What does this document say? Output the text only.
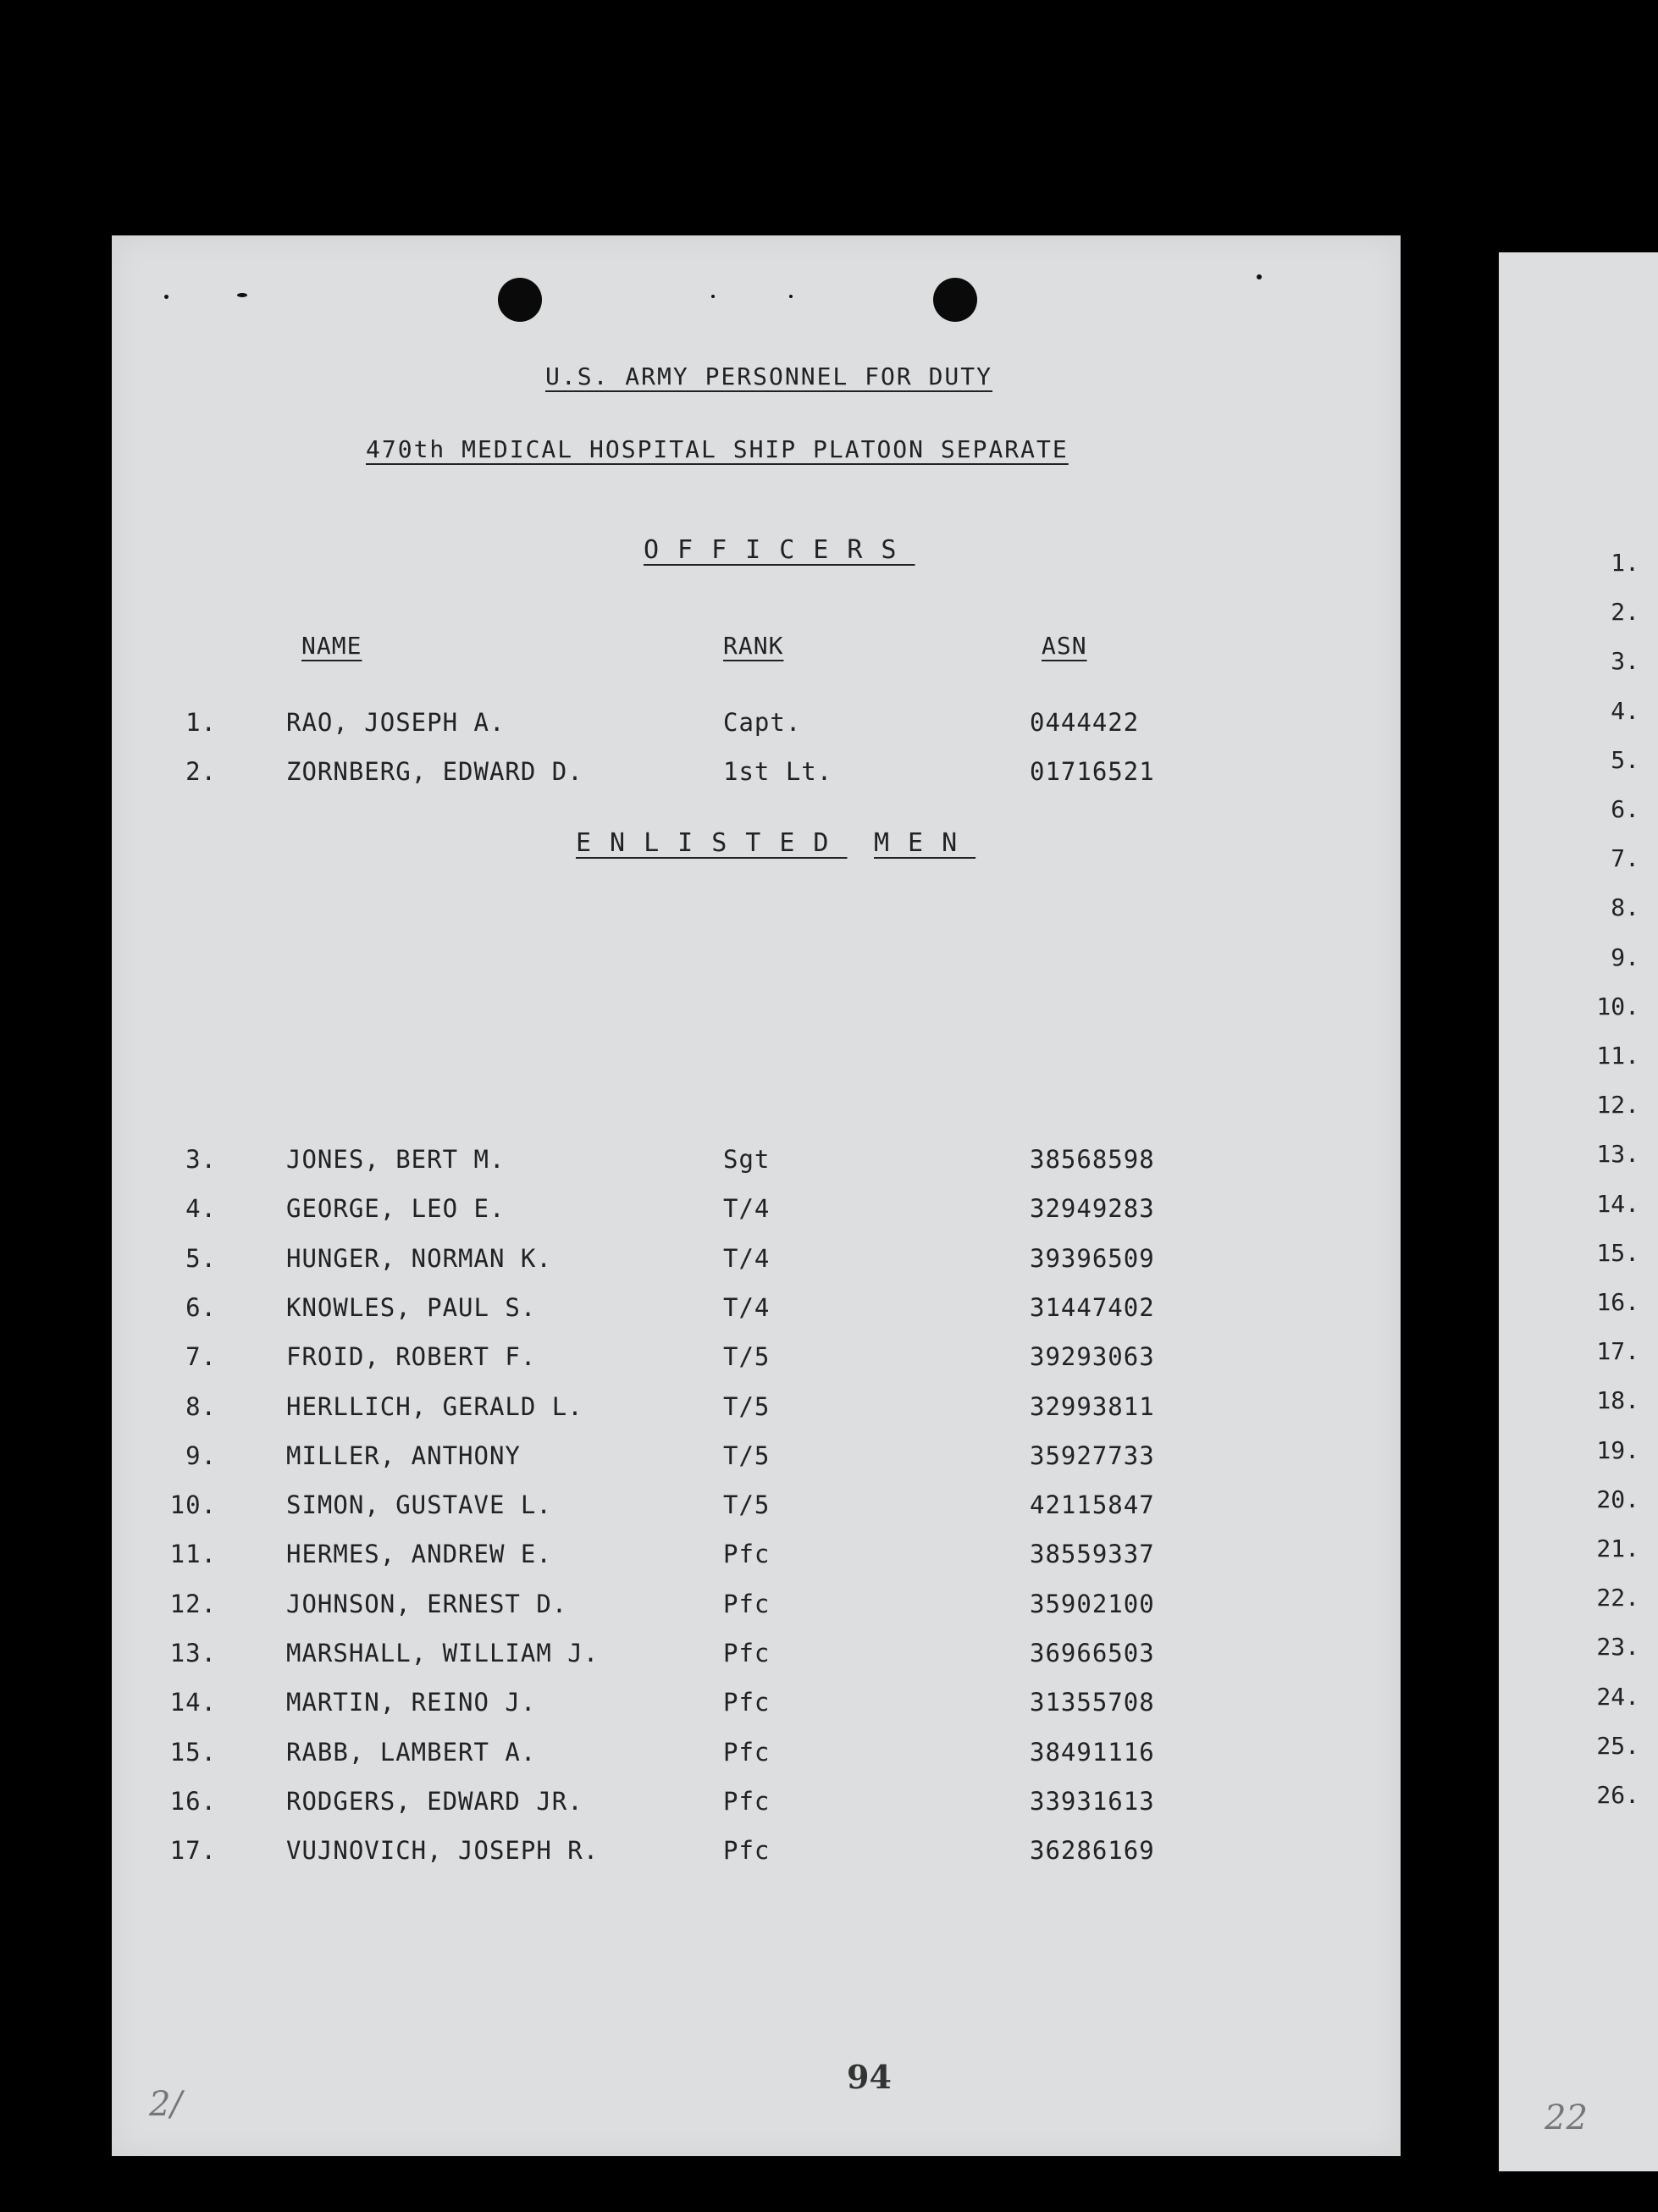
U.S. ARMY PERSONNEL FOR DUTY
470th MEDICAL HOSPITAL SHIP PLATOON SEPARATE
OFFICERS
NAME	RANK	ASN
1.	RAO, JOSEPH A.	Capt.	0444422
2.	ZORNBERG, EDWARD D.	1st Lt.	01716521
ENLISTED MEN
3.	JONES, BERT M.	Sgt	38568598
4.	GEORGE, LEO E.	T/4	32949283
5.	HUNGER, NORMAN K.	T/4	39396509
6.	KNOWLES, PAUL S.	T/4	31447402
7.	FROID, ROBERT F.	T/5	39293063
8.	HERLLICH, GERALD L.	T/5	32993811
9.	MILLER, ANTHONY	T/5	35927733
10.	SIMON, GUSTAVE L.	T/5	42115847
11.	HERMES, ANDREW E.	Pfc	38559337
12.	JOHNSON, ERNEST D.	Pfc	35902100
13.	MARSHALL, WILLIAM J.	Pfc	36966503
14.	MARTIN, REINO J.	Pfc	31355708
15.	RABB, LAMBERT A.	Pfc	38491116
16.	RODGERS, EDWARD JR.	Pfc	33931613
17.	VUJNOVICH, JOSEPH R.	Pfc	36286169
94
2/
1.
2.
3.
4.
5.
6.
7.
8.
9.
10.
11.
12.
13.
14.
15.
16.
17.
18.
19.
20.
21.
22.
23.
24.
25.
26.
22
